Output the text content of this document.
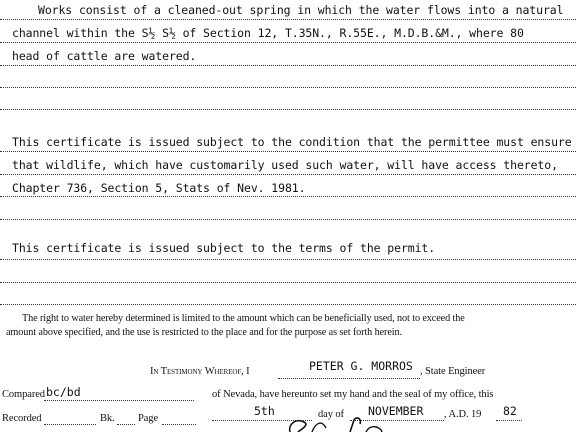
Works consist of a cleaned-out spring in which the water flows into a natural
channel within the S½ S½ of Section 12, T.35N., R.55E., M.D.B.&M., where 80
head of cattle are watered.
This certificate is issued subject to the condition that the permittee must ensure
that wildlife, which have customarily used such water, will have access thereto,
Chapter 736, Section 5, Stats of Nev. 1981.
This certificate is issued subject to the terms of the permit.
The right to water hereby determined is limited to the amount which can be beneficially used, not to exceed the
amount above specified, and the use is restricted to the place and for the purpose as set forth herein.
In Testimony Whereof, I	PETER G. MORROS , State Engineer
of Nevada, have hereunto set my hand and the seal of my office, this
5th	day of NOVEMBER , A.D. 19 82
Compared bc/bd
Recorded	Bk. Page
